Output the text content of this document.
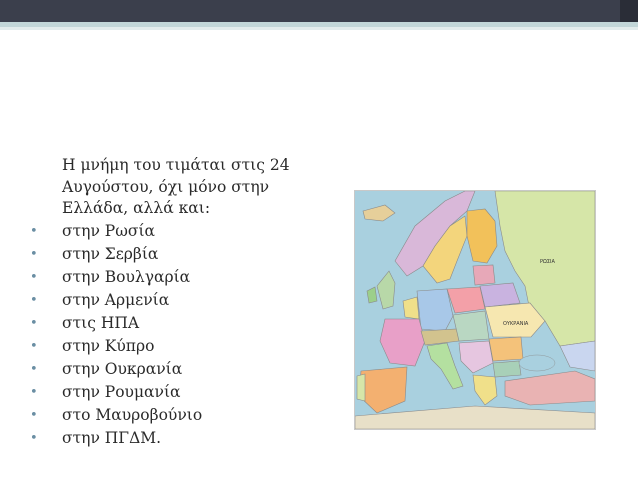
Η μνήμη του τιμάται στις 24
Αυγούστου, όχι μόνο στην
Ελλάδα, αλλά και:
• στην Ρωσία
• στην Σερβία
• στην Βουλγαρία
• στην Αρμενία
• στις ΗΠΑ
• στην Κύπρο
• στην Ουκρανία
• στην Ρουμανία
• στο Μαυροβούνιο
• στην ΠΓΔΜ.
ΟΥΚΡΑΝΙΑ
ΡΩΣΙΑ
